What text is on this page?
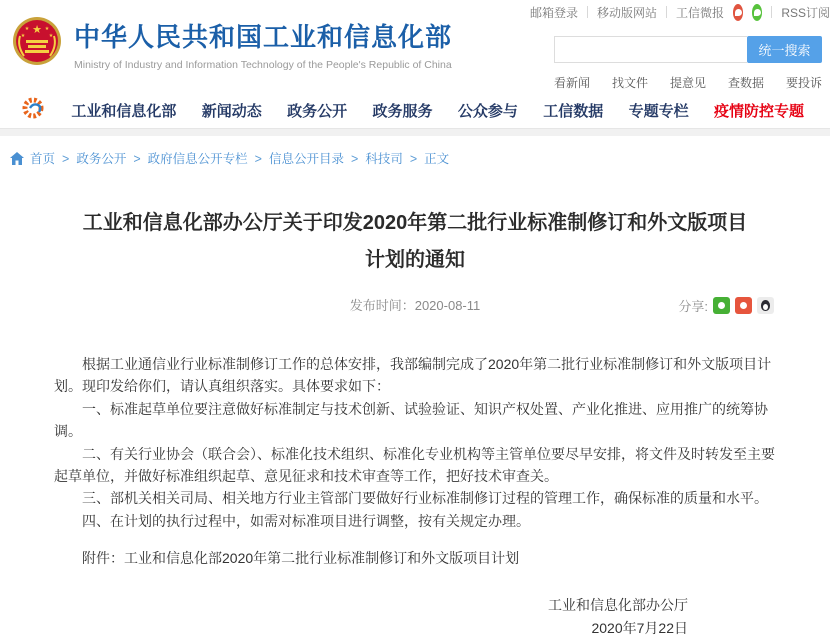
★
★	★
★	★ 中华人民共和国工业和信息化部
Ministry of Industry and Information Technology of the People's Republic of China
邮箱登录 移动版网站 工信微报	RSS订阅
统一搜索
看新闻 找文件 提意见 查数据 要投诉
工业和信息化部 新闻动态 政务公开 政务服务 公众参与 工信数据 专题专栏 疫情防控专题
首页	> 政务公开	> 政府信息公开专栏	> 信息公开目录	> 科技司	> 正文
工业和信息化部办公厅关于印发2020年第二批行业标准制修订和外文版项目计划的通知
发布时间：2020-08-11	分享:

根据工业通信业行业标准制修订工作的总体安排，我部编制完成了2020年第二批行业标准制修订和外文版项目计划。现印发给你们，请认真组织落实。具体要求如下：

一、标准起草单位要注意做好标准制定与技术创新、试验验证、知识产权处置、产业化推进、应用推广的统筹协调。

二、有关行业协会（联合会）、标准化技术组织、标准化专业机构等主管单位要尽早安排，将文件及时转发至主要起草单位，并做好标准组织起草、意见征求和技术审查等工作，把好技术审查关。

三、部机关相关司局、相关地方行业主管部门要做好行业标准制修订过程的管理工作，确保标准的质量和水平。

四、在计划的执行过程中，如需对标准项目进行调整，按有关规定办理。

附件：工业和信息化部2020年第二批行业标准制修订和外文版项目计划
工业和信息化部办公厅
2020年7月22日
